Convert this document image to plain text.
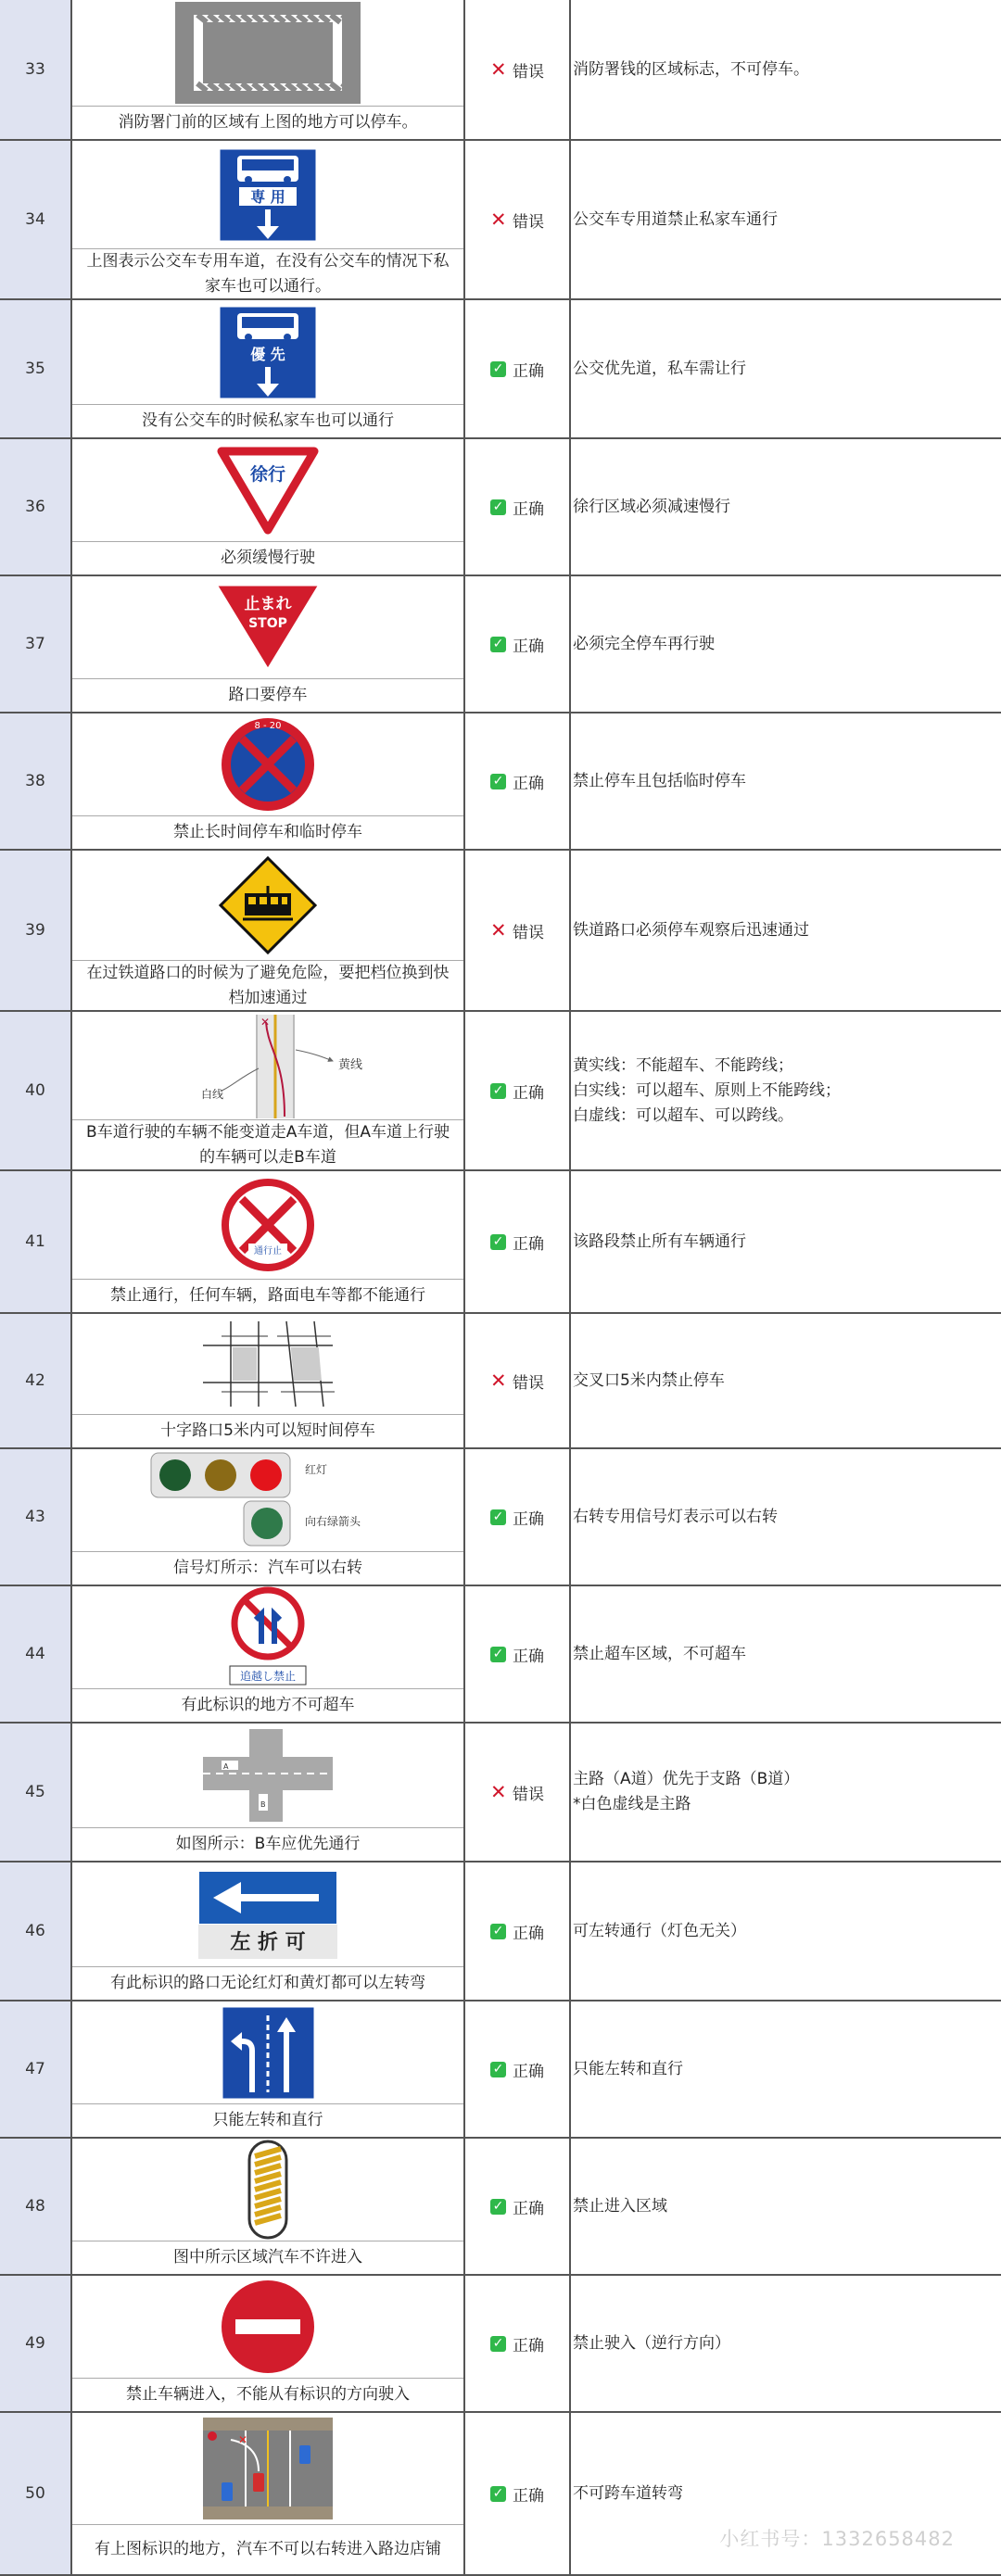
33
消防署门前的区域有上图的地方可以停车。
✕ 错误 消防署钱的区域标志，不可停车。
34
専 用
上图表示公交车专用车道，在没有公交车的情况下私家车也可以通行。
✕ 错误 公交车专用道禁止私家车通行
35
優 先
没有公交车的时候私家车也可以通行
✓ 正确 公交优先道，私车需让行
36
徐行
必须缓慢行驶
✓ 正确 徐行区域必须减速慢行
37
止まれ
STOP
路口要停车
✓ 正确 必须完全停车再行驶
38
8 - 20
禁止长时间停车和临时停车
✓ 正确 禁止停车且包括临时停车
39
在过铁道路口的时候为了避免危险，要把档位换到快档加速通过
✕ 错误 铁道路口必须停车观察后迅速通过
40
✕
白线
黄线
B车道行驶的车辆不能变道走A车道，但A车道上行驶的车辆可以走B车道
✓ 正确
黄实线：不能超车、不能跨线；
白实线：可以超车、原则上不能跨线；
白虚线：可以超车、可以跨线。
41
通行止
禁止通行，任何车辆，路面电车等都不能通行
✓ 正确 该路段禁止所有车辆通行
42
十字路口5米内可以短时间停车
✕ 错误 交叉口5米内禁止停车
43
红灯
向右绿箭头
信号灯所示：汽车可以右转
✓ 正确 右转专用信号灯表示可以右转
44
追越し禁止
有此标识的地方不可超车
✓ 正确 禁止超车区域，不可超车
45
A
B
如图所示：B车应优先通行
✕ 错误
主路（A道）优先于支路（B道）
*白色虚线是主路
46	左 折 可
有此标识的路口无论红灯和黄灯都可以左转弯
✓ 正确 可左转通行（灯色无关）
47
只能左转和直行
✓ 正确 只能左转和直行
48
图中所示区域汽车不许进入
✓ 正确 禁止进入区域
49
禁止车辆进入，不能从有标识的方向驶入
✓ 正确 禁止驶入（逆行方向）
50
✕
有上图标识的地方，汽车不可以右转进入路边店铺
✓ 正确 不可跨车道转弯
小红书号：1332658482
